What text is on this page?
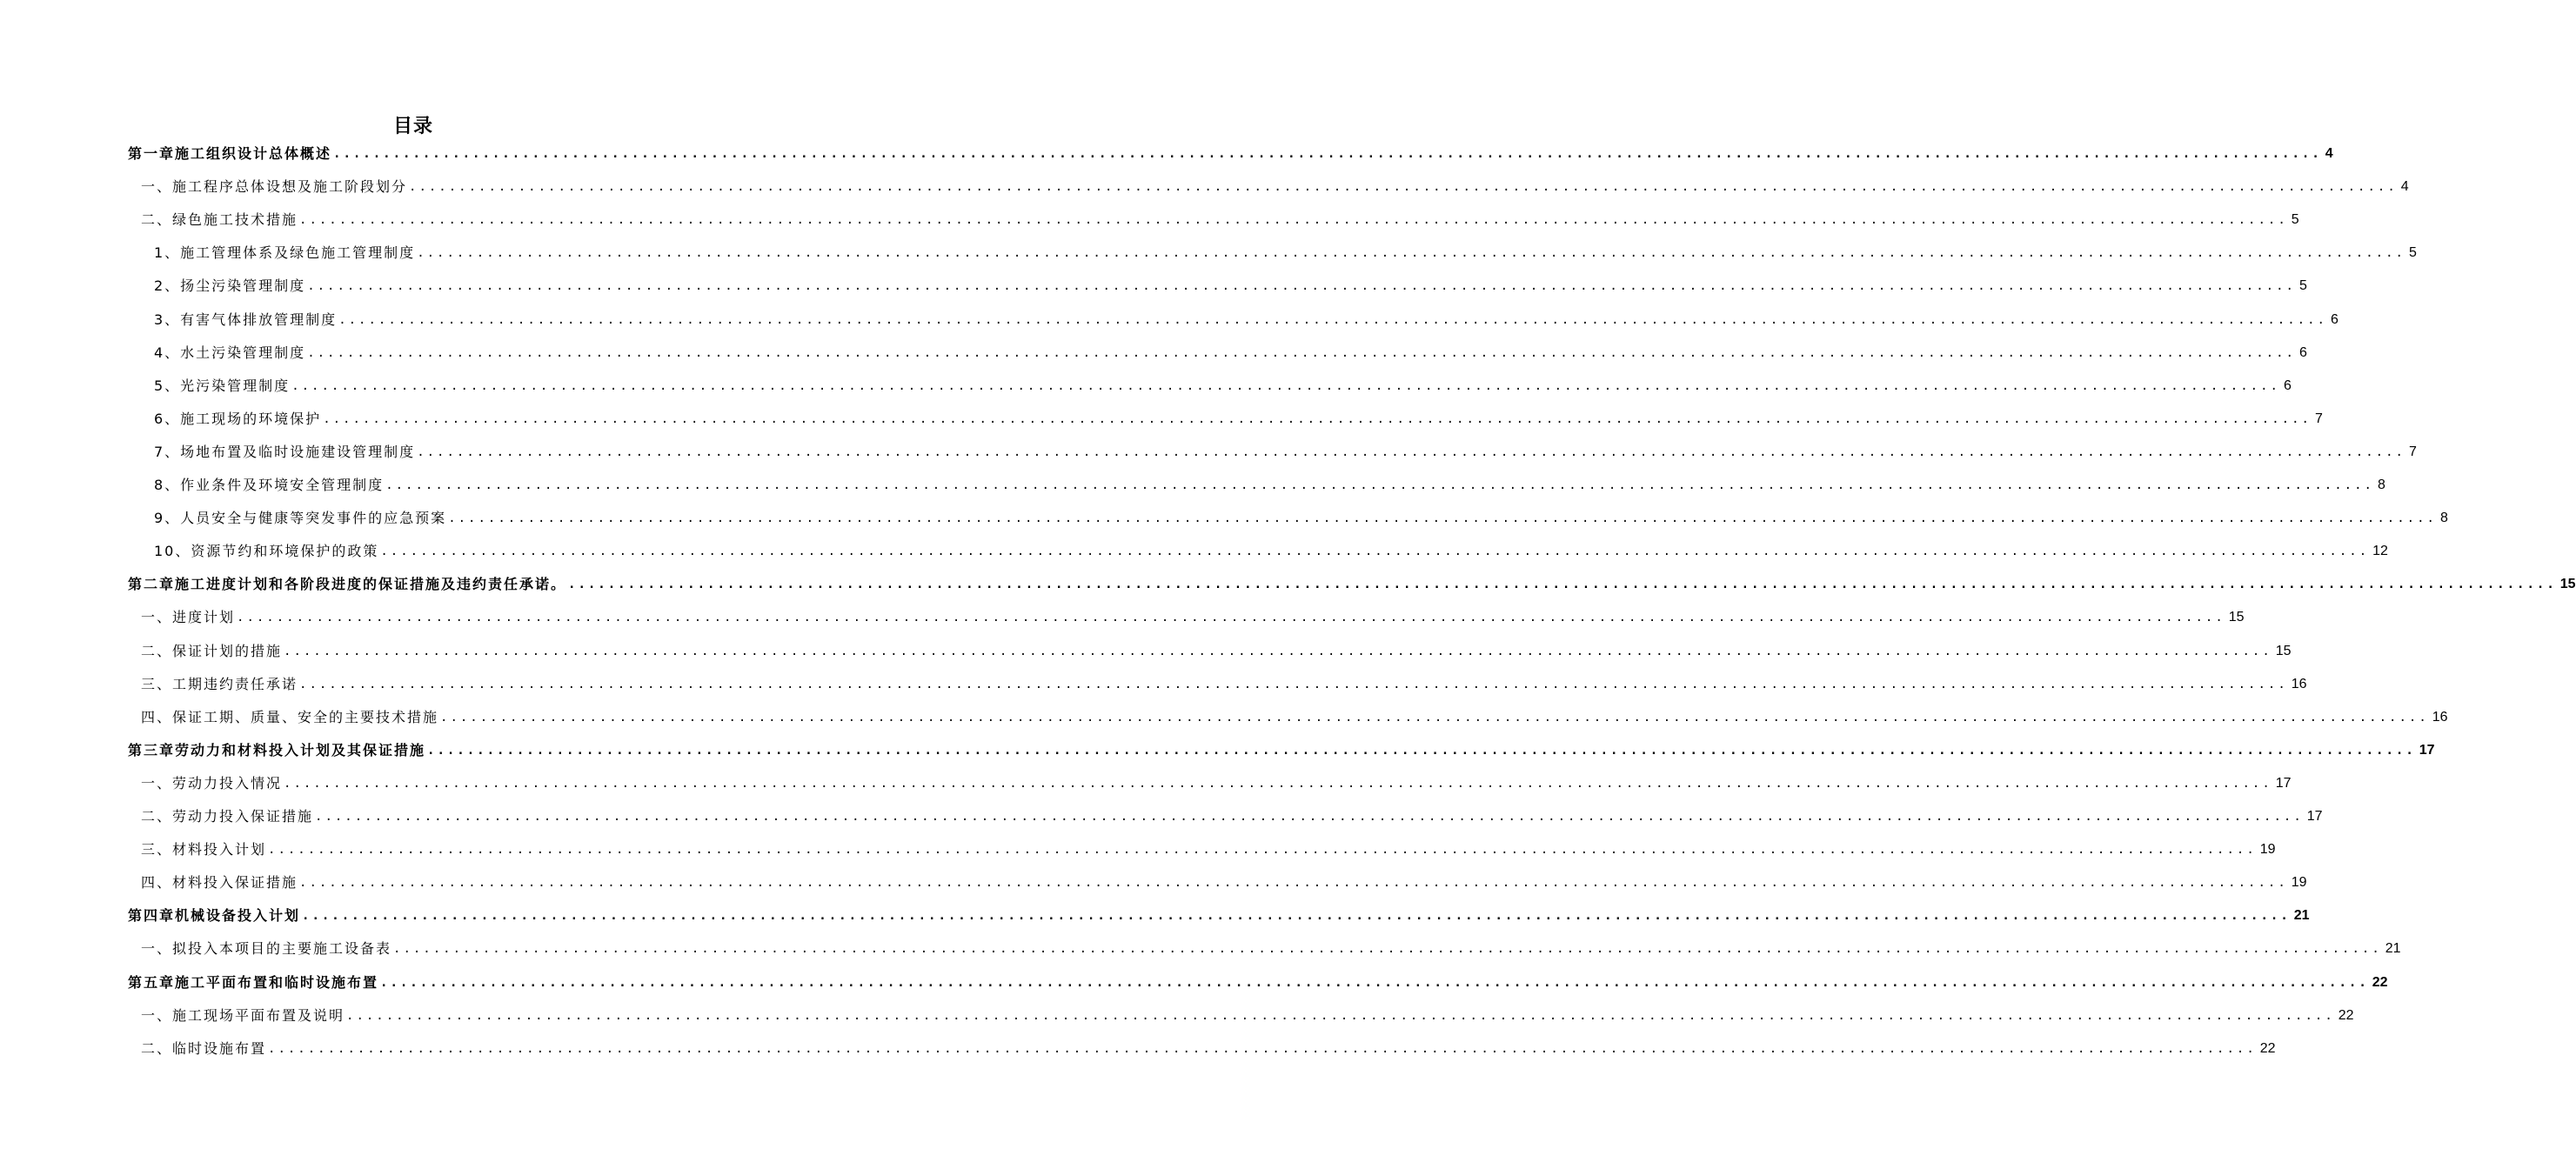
目录
第一章施工组织设计总体概述 ........................................................................................................................................................................................................ 4
一、施工程序总体设想及施工阶段划分 ........................................................................................................................................................................................................ 4
二、绿色施工技术措施 ........................................................................................................................................................................................................ 5
1、施工管理体系及绿色施工管理制度 ........................................................................................................................................................................................................ 5
2、扬尘污染管理制度 ........................................................................................................................................................................................................ 5
3、有害气体排放管理制度 ........................................................................................................................................................................................................ 6
4、水土污染管理制度 ........................................................................................................................................................................................................ 6
5、光污染管理制度 ........................................................................................................................................................................................................ 6
6、施工现场的环境保护 ........................................................................................................................................................................................................ 7
7、场地布置及临时设施建设管理制度 ........................................................................................................................................................................................................ 7
8、作业条件及环境安全管理制度 ........................................................................................................................................................................................................ 8
9、人员安全与健康等突发事件的应急预案 ........................................................................................................................................................................................................ 8
10、资源节约和环境保护的政策 ........................................................................................................................................................................................................ 12
第二章施工进度计划和各阶段进度的保证措施及违约责任承诺。 ........................................................................................................................................................................................................ 15
一、进度计划 ........................................................................................................................................................................................................ 15
二、保证计划的措施 ........................................................................................................................................................................................................ 15
三、工期违约责任承诺 ........................................................................................................................................................................................................ 16
四、保证工期、质量、安全的主要技术措施 ........................................................................................................................................................................................................ 16
第三章劳动力和材料投入计划及其保证措施 ........................................................................................................................................................................................................ 17
一、劳动力投入情况 ........................................................................................................................................................................................................ 17
二、劳动力投入保证措施 ........................................................................................................................................................................................................ 17
三、材料投入计划 ........................................................................................................................................................................................................ 19
四、材料投入保证措施 ........................................................................................................................................................................................................ 19
第四章机械设备投入计划 ........................................................................................................................................................................................................ 21
一、拟投入本项目的主要施工设备表 ........................................................................................................................................................................................................ 21
第五章施工平面布置和临时设施布置 ........................................................................................................................................................................................................ 22
一、施工现场平面布置及说明 ........................................................................................................................................................................................................ 22
二、临时设施布置 ........................................................................................................................................................................................................ 22
